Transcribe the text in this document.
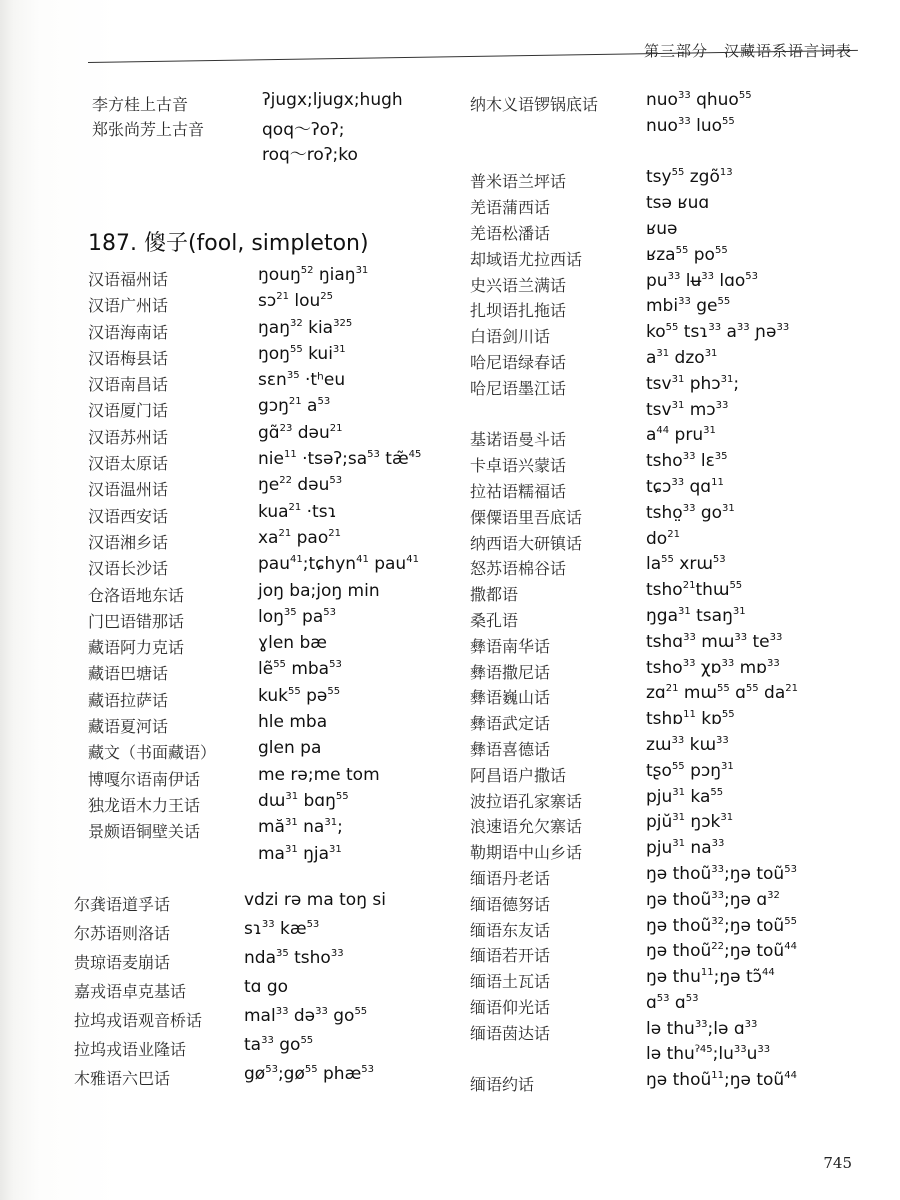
第三部分　汉藏语系语言词表
李方桂上古音	ʔjugx;ljugx;hugh
郑张尚芳上古音	qoq～ʔoʔ;
roq～roʔ;ko
187. 傻子(fool, simpleton)
汉语福州话	ŋouŋ$^{52}$ ŋiaŋ$^{31}$
汉语广州话	sɔ$^{21}$ lou$^{25}$
汉语海南话	ŋaŋ$^{32}$ kia$^{325}$
汉语梅县话	ŋoŋ$^{55}$ kui$^{31}$
汉语南昌话	sɛn$^{35}$ ·tʰeu
汉语厦门话	gɔŋ$^{21}$ $a^{53}$
汉语苏州话	gɑ̃$^{23}$ dəu$^{21}$
汉语太原话	$nie^{11} \cdot tsəʔ;sa^{53}$ tæ̃$^{45}$
汉语温州话	$ŋe^{22}$ dəu$^{53}$
汉语西安话	kua$^{21}$ ·tsɿ
汉语湘乡话	$xa^{21}$ pao$^{21}$
汉语长沙话	pau$^{41}$;tɕhyn$^{41}$ pau$^{41}$
仓洛语地东话	joŋ ba;joŋ min
门巴语错那话	loŋ$^{35}$ $pa^{53}$
藏语阿力克话	ɣlen bæ
藏语巴塘话	lẽ$^{55}$ mba$^{53}$
藏语拉萨话	kuk$^{55}$ pə$^{55}$
藏语夏河话	hle mba
藏文（书面藏语） glen pa
博嘎尔语南伊话	me rə;me tom
独龙语木力王话	dɯ$^{31}$ bɑŋ$^{55}$
景颇语铜壁关话	$mă^{31}$ $na^{31}$;
$ma^{31}$ ŋja$^{31}$
尔龚语道孚话	vdzi rə ma toŋ si
尔苏语则洛话	sɿ$^{33}$ $kæ^{53}$
贵琼语麦崩话	nda$^{35}$ tsho$^{33}$
嘉戎语卓克基话	tɑ go
拉坞戎语观音桥话 mal$^{33}$ də$^{33}$ $go^{55}$
拉坞戎语业隆话	$ta^{33}$ $go^{55}$
木雅语六巴话	$gø^{53};gø^{55}$ phæ$^{53}$
纳木义语锣锅底话	nuo$^{33}$ qhuo$^{55}$
nuo$^{33}$ luo$^{55}$
普米语兰坪话	tsy$^{55}$ zgõ$^{13}$
羌语蒲西话	tsə ʁuɑ
羌语松潘话	ʁuə
却域语尤拉西话	ʁza$^{55}$ $po^{55}$
史兴语兰满话	$pu^{33}$ lʉ$^{33}$ lɑo$^{53}$
扎坝语扎拖话	mbi$^{33}$ $ge^{55}$
白语剑川话	$ko^{55}$ tsɿ$^{33}$ $a^{33}$ ɲə$^{33}$
哈尼语绿春话	$a^{31}$ dzo$^{31}$
哈尼语墨江话	tsv$^{31}$ phɔ$^{31}$;
tsv$^{31}$ mɔ$^{33}$
基诺语曼斗话	$a^{44}$ pru$^{31}$
卡卓语兴蒙话	tsho$^{33}$ lɛ$^{35}$
拉祜语糯福话	tɕɔ$^{33}$ qɑ$^{11}$
傈僳语里吾底话	tsho̤$^{33}$ $go^{31}$
纳西语大研镇话	$do^{21}$
怒苏语棉谷话	$la^{55}$ xrɯ$^{53}$
撒都语	tsho$^{21}$thɯ$^{55}$
桑孔语	ŋga$^{31}$ tsaŋ$^{31}$
彝语南华话	tshɑ$^{33}$ mɯ$^{33}$ $te^{33}$
彝语撒尼话	tsho$^{33}$ χɒ$^{33}$ mɒ$^{33}$
彝语巍山话	zɑ$^{21}$ mɯ$^{55}$ ɑ$^{55}$ $da^{21}$
彝语武定话	tshɒ$^{11}$ kɒ$^{55}$
彝语喜德话	zɯ$^{33}$ kɯ$^{33}$
阿昌语户撒话	tʂo$^{55}$ pɔŋ$^{31}$
波拉语孔家寨话	pju$^{31}$ $ka^{55}$
浪速语允欠寨话	pjŭ$^{31}$ ŋɔk$^{31}$
勒期语中山乡话	pju$^{31}$ $na^{33}$
缅语丹老话	ŋə thoũ$^{33}$;ŋə toũ$^{53}$
缅语德努话	ŋə thoũ$^{33}$;ŋə ɑ$^{32}$
缅语东友话	ŋə thoũ$^{32}$;ŋə toũ$^{55}$
缅语若开话	ŋə thoũ$^{22}$;ŋə toũ$^{44}$
缅语土瓦话	ŋə thu$^{11}$;ŋə tɔ̃$^{44}$
缅语仰光话	ɑ$^{53}$ ɑ$^{53}$
缅语茵达话	lə thu$^{33}$;lə ɑ$^{33}$
lə $thu^{ʔ45};lu^{33}u^{33}$
缅语约话	ŋə thoũ$^{11}$;ŋə toũ$^{44}$
745
